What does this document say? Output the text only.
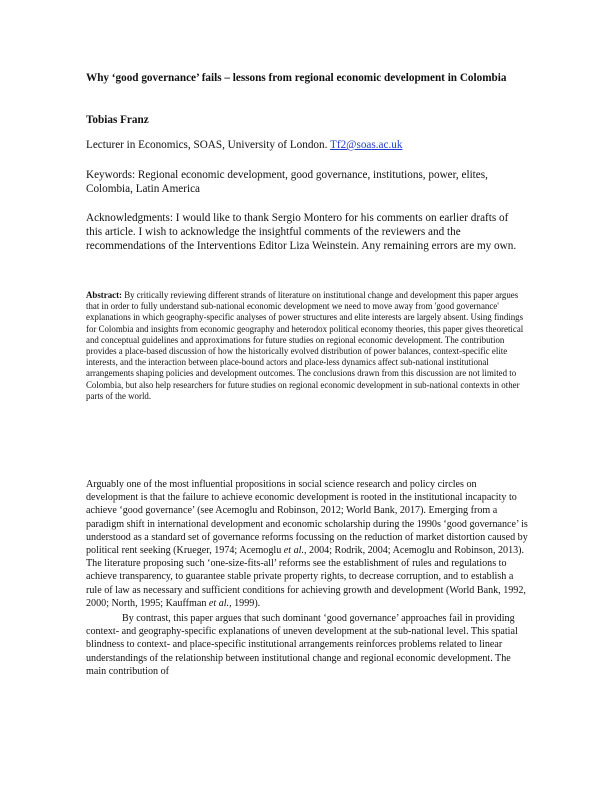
Why ‘good governance’ fails – lessons from regional economic development in Colombia
Tobias Franz
Lecturer in Economics, SOAS, University of London. Tf2@soas.ac.uk
Keywords: Regional economic development, good governance, institutions, power, elites, Colombia, Latin America
Acknowledgments: I would like to thank Sergio Montero for his comments on earlier drafts of this article. I wish to acknowledge the insightful comments of the reviewers and the recommendations of the Interventions Editor Liza Weinstein. Any remaining errors are my own.
Abstract: By critically reviewing different strands of literature on institutional change and development this paper argues that in order to fully understand sub-national economic development we need to move away from 'good governance' explanations in which geography-specific analyses of power structures and elite interests are largely absent. Using findings for Colombia and insights from economic geography and heterodox political economy theories, this paper gives theoretical and conceptual guidelines and approximations for future studies on regional economic development. The contribution provides a place-based discussion of how the historically evolved distribution of power balances, context-specific elite interests, and the interaction between place-bound actors and place-less dynamics affect sub-national institutional arrangements shaping policies and development outcomes. The conclusions drawn from this discussion are not limited to Colombia, but also help researchers for future studies on regional economic development in sub-national contexts in other parts of the world.
Arguably one of the most influential propositions in social science research and policy circles on development is that the failure to achieve economic development is rooted in the institutional incapacity to achieve ‘good governance’ (see Acemoglu and Robinson, 2012; World Bank, 2017). Emerging from a paradigm shift in international development and economic scholarship during the 1990s ‘good governance’ is understood as a standard set of governance reforms focussing on the reduction of market distortion caused by political rent seeking (Krueger, 1974; Acemoglu et al., 2004; Rodrik, 2004; Acemoglu and Robinson, 2013). The literature proposing such ‘one-size-fits-all’ reforms see the establishment of rules and regulations to achieve transparency, to guarantee stable private property rights, to decrease corruption, and to establish a rule of law as necessary and sufficient conditions for achieving growth and development (World Bank, 1992, 2000; North, 1995; Kauffman et al., 1999).
By contrast, this paper argues that such dominant ‘good governance’ approaches fail in providing context- and geography-specific explanations of uneven development at the sub-national level. This spatial blindness to context- and place-specific institutional arrangements reinforces problems related to linear understandings of the relationship between institutional change and regional economic development. The main contribution of
